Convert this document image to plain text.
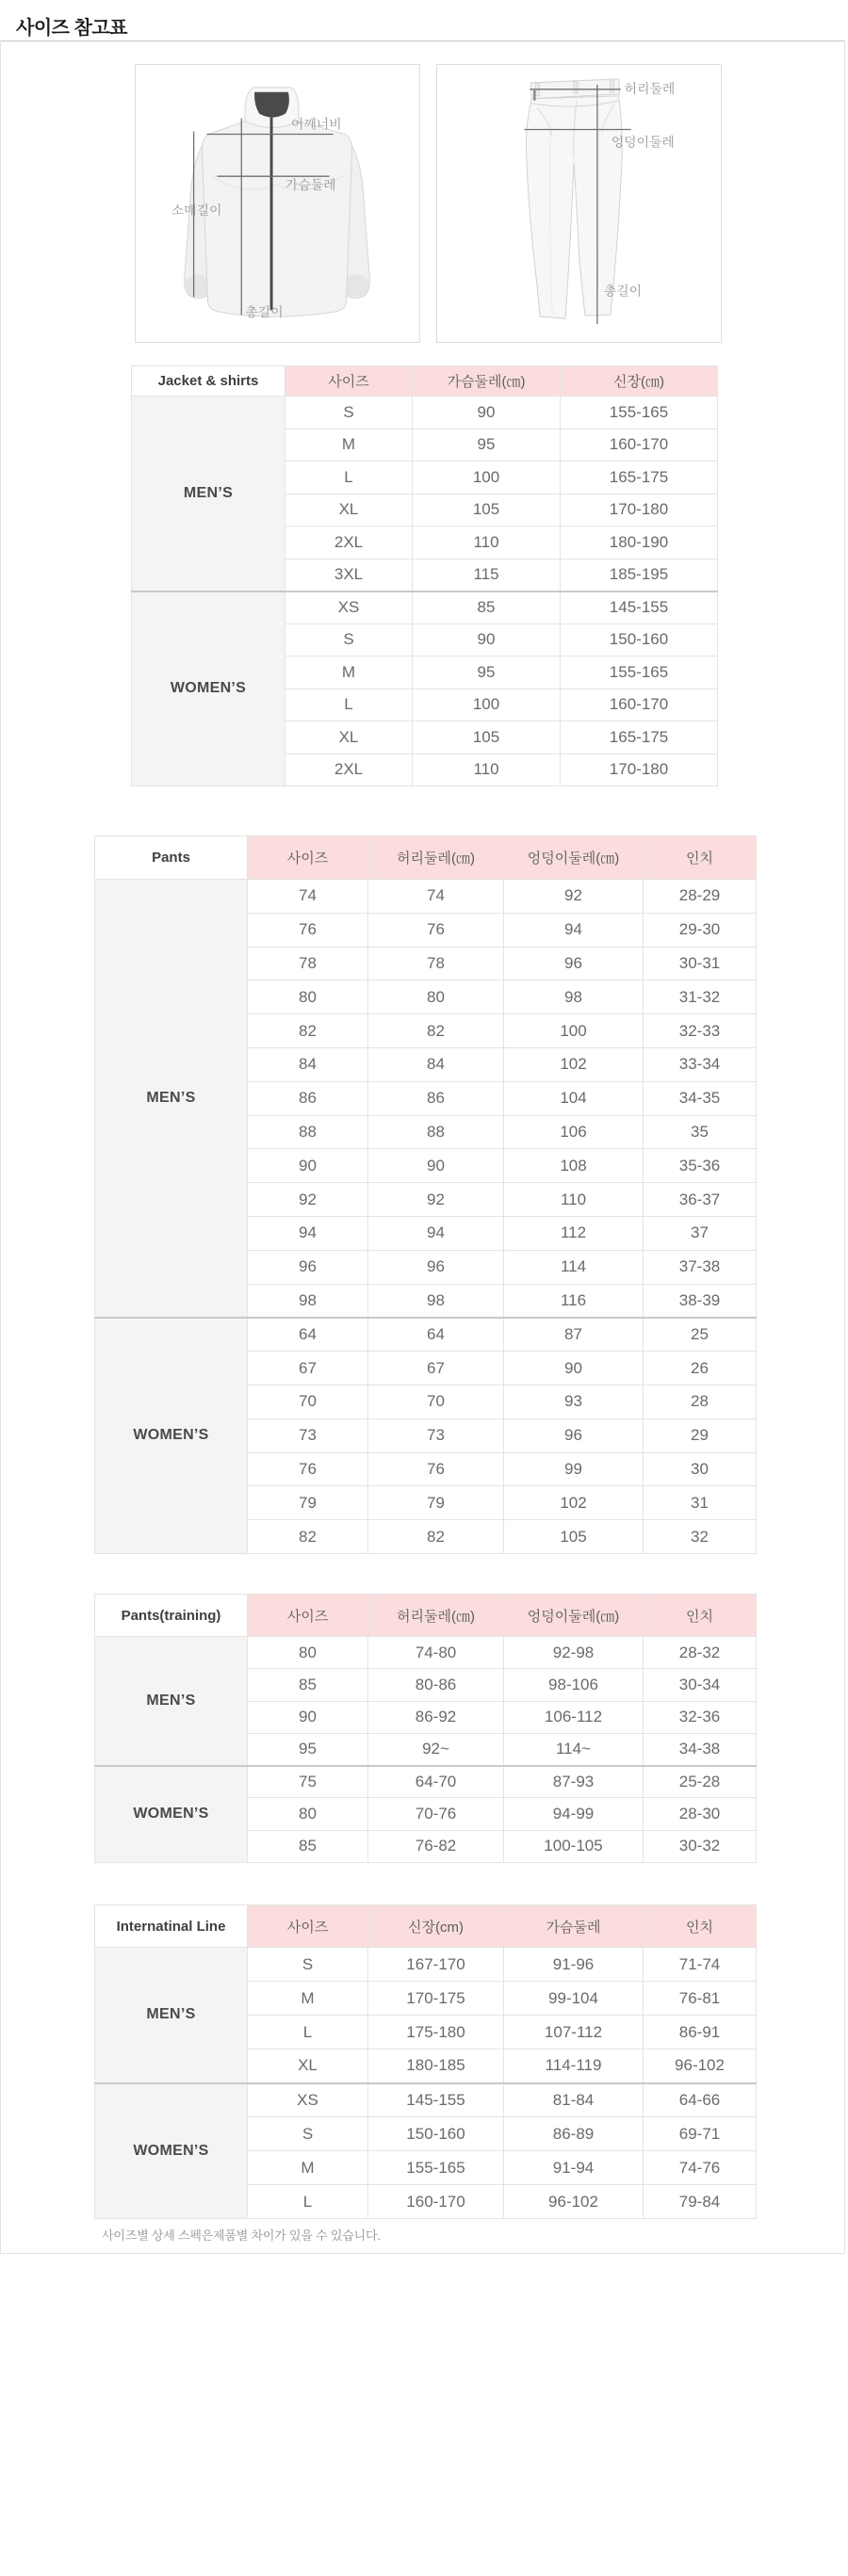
사이즈 참고표
어깨너비
가슴둘레
소매길이
총길이
허리둘레
엉덩이둘레
총길이
Jacket & shirts	사이즈	가슴둘레(㎝)	신장(㎝)
MEN’S	S	90	155-165
	M	95	160-170
	L	100	165-175
	XL	105	170-180
	2XL	110	180-190
	3XL	115	185-195
WOMEN’S	XS	85	145-155
	S	90	150-160
	M	95	155-165
	L	100	160-170
	XL	105	165-175
	2XL	110	170-180
Pants	사이즈	허리둘레(㎝)	엉덩이둘레(㎝)	인치
MEN’S	74	74	92	28-29
	76	76	94	29-30
	78	78	96	30-31
	80	80	98	31-32
	82	82	100	32-33
	84	84	102	33-34
	86	86	104	34-35
	88	88	106	35
	90	90	108	35-36
	92	92	110	36-37
	94	94	112	37
	96	96	114	37-38
	98	98	116	38-39
WOMEN’S	64	64	87	25
	67	67	90	26
	70	70	93	28
	73	73	96	29
	76	76	99	30
	79	79	102	31
	82	82	105	32
Pants(training)	사이즈	허리둘레(㎝)	엉덩이둘레(㎝)	인치
MEN’S	80	74-80	92-98	28-32
	85	80-86	98-106	30-34
	90	86-92	106-112	32-36
	95	92~	114~	34-38
WOMEN’S	75	64-70	87-93	25-28
	80	70-76	94-99	28-30
	85	76-82	100-105	30-32
Internatinal Line	사이즈	신장(cm)	가슴둘레	인치
MEN’S	S	167-170	91-96	71-74
	M	170-175	99-104	76-81
	L	175-180	107-112	86-91
	XL	180-185	114-119	96-102
WOMEN’S	XS	145-155	81-84	64-66
	S	150-160	86-89	69-71
	M	155-165	91-94	74-76
	L	160-170	96-102	79-84
사이즈별 상세 스펙은제품별 차이가 있을 수 있습니다.
